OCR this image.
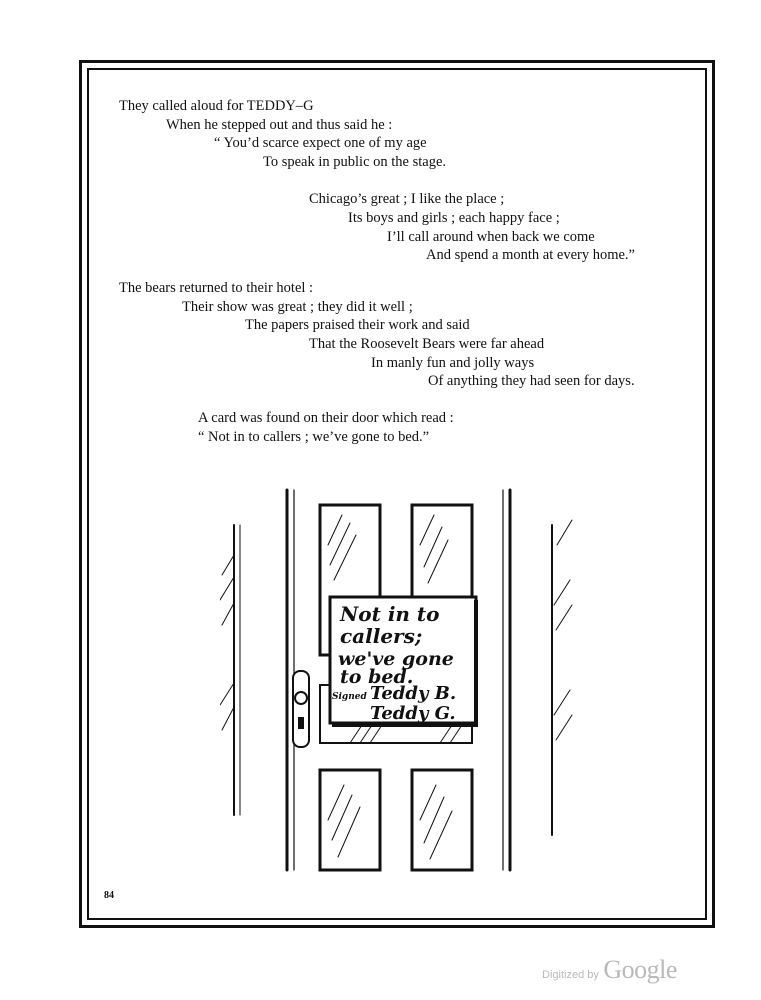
They called aloud for TEDDY–G
When he stepped out and thus said he :
“ You’d scarce expect one of my age
To speak in public on the stage.
Chicago’s great ; I like the place ;
Its boys and girls ; each happy face ;
I’ll call around when back we come
And spend a month at every home.”
The bears returned to their hotel :
Their show was great ; they did it well ;
The papers praised their work and said
That the Roosevelt Bears were far ahead
In manly fun and jolly ways
Of anything they had seen for days.
A card was found on their door which read :
“ Not in to callers ; we’ve gone to bed.”
Not in to
callers;
we've gone
to bed.
Signed Teddy B.
Teddy G.
84
Digitized by Google
